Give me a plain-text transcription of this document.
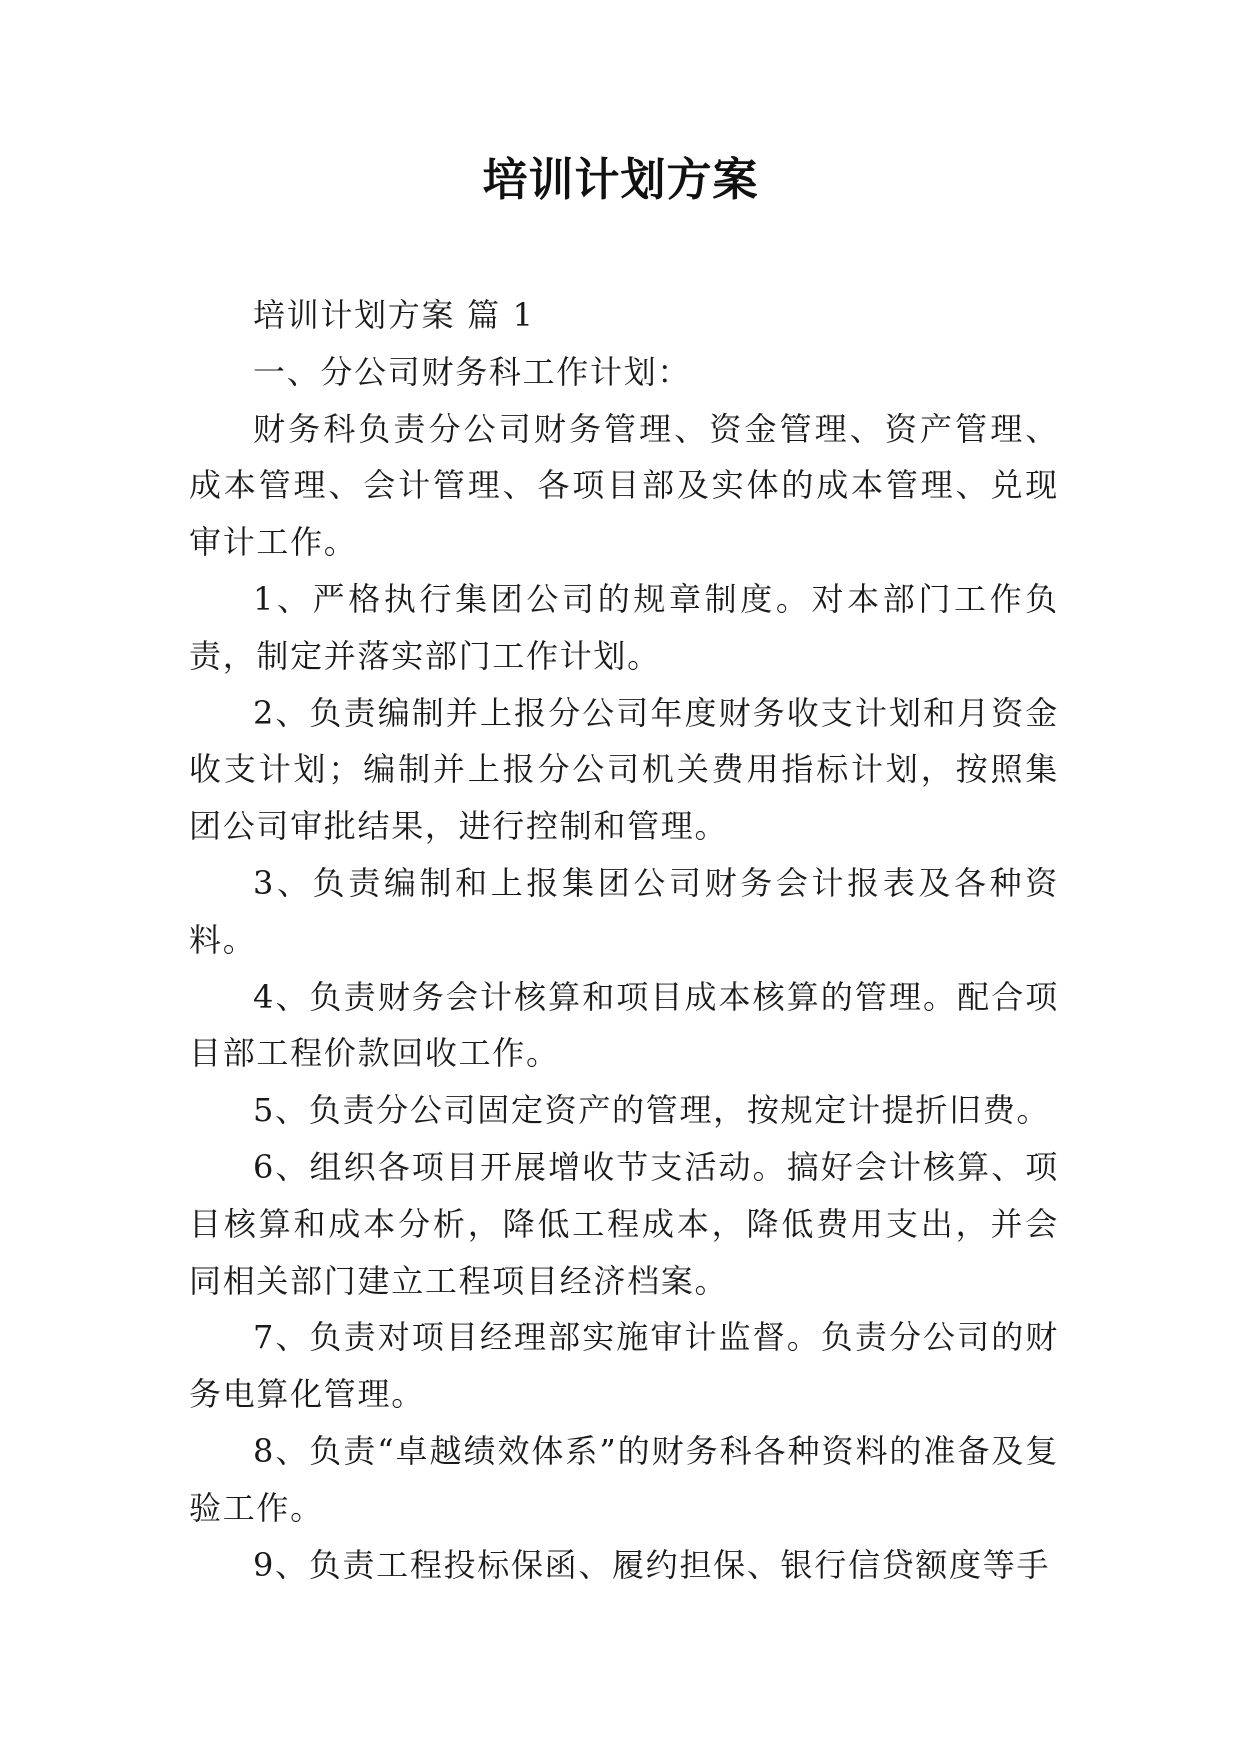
培训计划方案

培训计划方案 篇 1

一、分公司财务科工作计划：

财务科负责分公司财务管理、资金管理、资产管理、成本管理、会计管理、各项目部及实体的成本管理、兑现审计工作。

1、严格执行集团公司的规章制度。对本部门工作负责，制定并落实部门工作计划。

2、负责编制并上报分公司年度财务收支计划和月资金收支计划；编制并上报分公司机关费用指标计划，按照集团公司审批结果，进行控制和管理。

3、负责编制和上报集团公司财务会计报表及各种资料。

4、负责财务会计核算和项目成本核算的管理。配合项目部工程价款回收工作。

5、负责分公司固定资产的管理，按规定计提折旧费。

6、组织各项目开展增收节支活动。搞好会计核算、项目核算和成本分析，降低工程成本，降低费用支出，并会同相关部门建立工程项目经济档案。

7、负责对项目经理部实施审计监督。负责分公司的财务电算化管理。

8、负责“卓越绩效体系”的财务科各种资料的准备及复验工作。

9、负责工程投标保函、履约担保、银行信贷额度等手
